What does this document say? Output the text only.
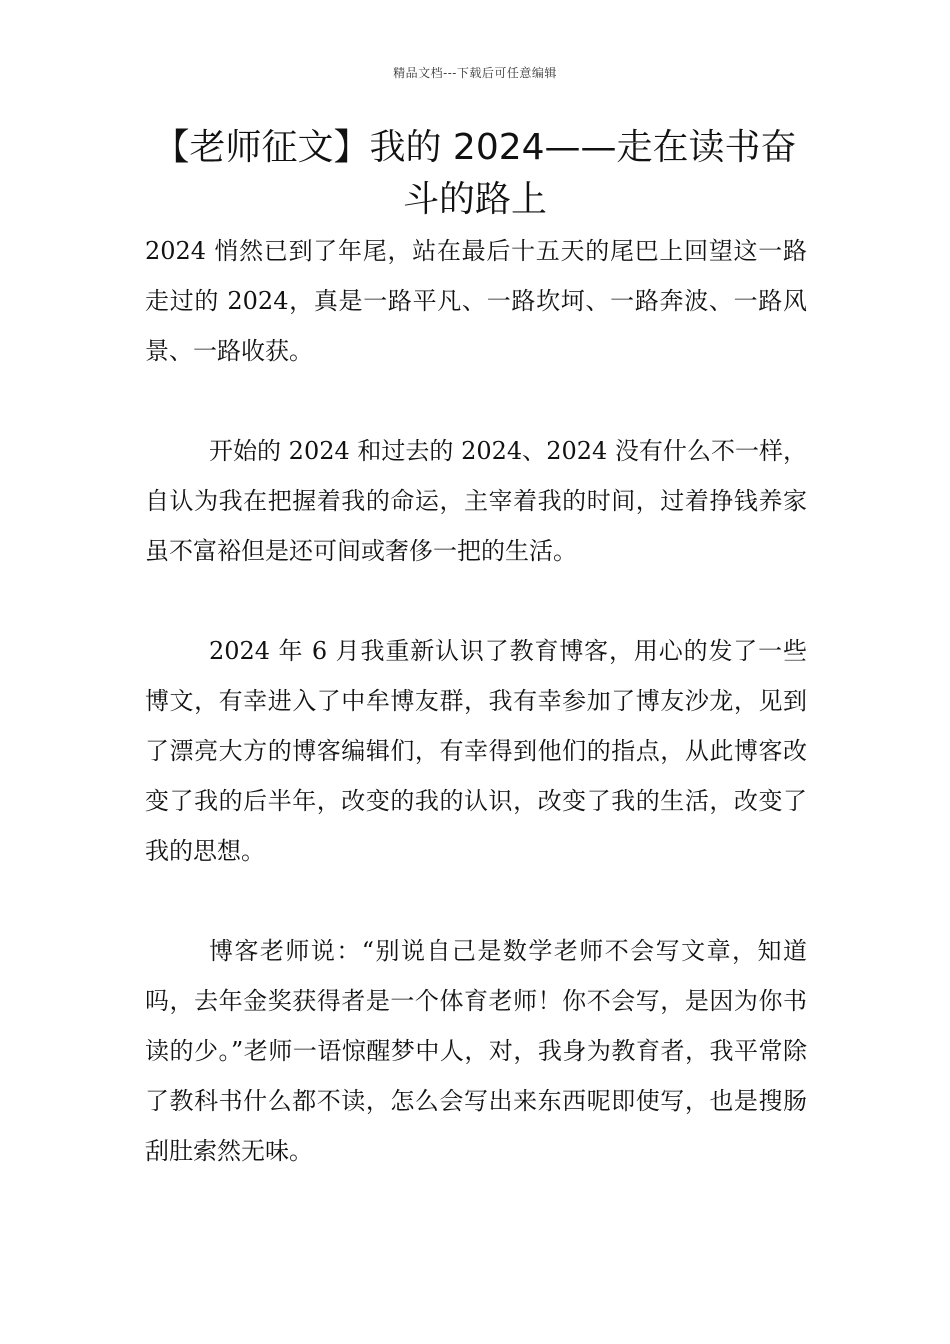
精品文档---下载后可任意编辑
【老师征文】我的 2024——走在读书奋斗的路上

2024 悄然已到了年尾，站在最后十五天的尾巴上回望这一路走过的 2024，真是一路平凡、一路坎坷、一路奔波、一路风景、一路收获。

开始的 2024 和过去的 2024、2024 没有什么不一样，自认为我在把握着我的命运，主宰着我的时间，过着挣钱养家虽不富裕但是还可间或奢侈一把的生活。

2024 年 6 月我重新认识了教育博客，用心的发了一些博文，有幸进入了中牟博友群，我有幸参加了博友沙龙，见到了漂亮大方的博客编辑们，有幸得到他们的指点，从此博客改变了我的后半年，改变的我的认识，改变了我的生活，改变了我的思想。

博客老师说：“别说自己是数学老师不会写文章，知道吗，去年金奖获得者是一个体育老师！你不会写，是因为你书读的少。”老师一语惊醒梦中人，对，我身为教育者，我平常除了教科书什么都不读，怎么会写出来东西呢即使写，也是搜肠刮肚索然无味。
